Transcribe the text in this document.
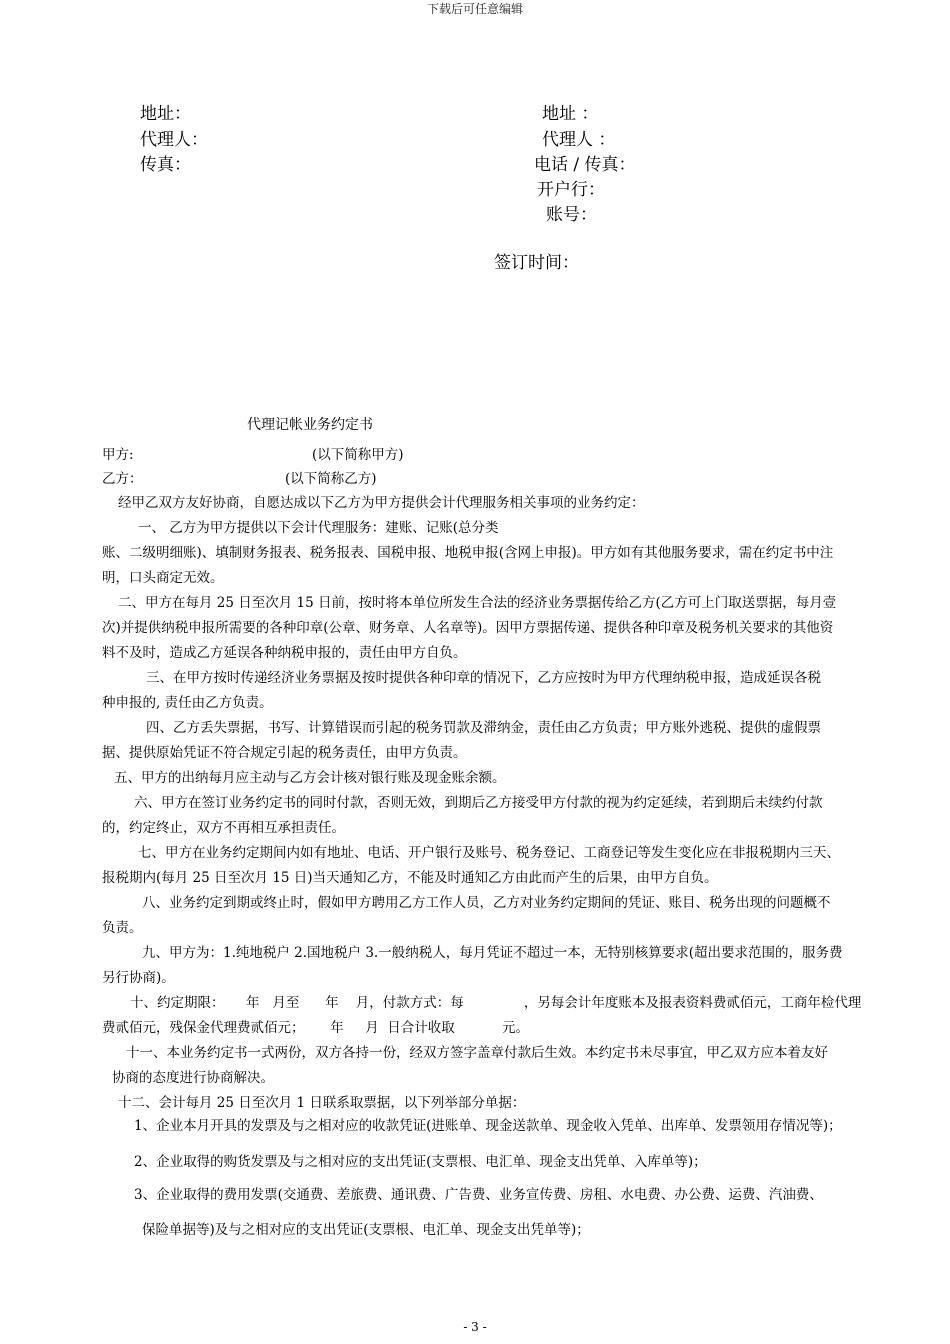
下载后可任意编辑
地址：
代理人：
传真：
地址 ：
代理人 ：
电话 / 传真：
开户行：
账号：
签订时间：
代理记帐业务约定书
甲方:	(以下简称甲方)
乙方：	(以下简称乙方)
经甲乙双方友好协商，自愿达成以下乙方为甲方提供会计代理服务相关事项的业务约定：
一、 乙方为甲方提供以下会计代理服务：建账、记账(总分类
账、二级明细账)、填制财务报表、税务报表、国税申报、地税申报(含网上申报)。甲方如有其他服务要求，需在约定书中注
明，口头商定无效。
二、甲方在每月 25 日至次月 15 日前，按时将本单位所发生合法的经济业务票据传给乙方(乙方可上门取送票据，每月壹
次)并提供纳税申报所需要的各种印章(公章、财务章、人名章等)。因甲方票据传递、提供各种印章及税务机关要求的其他资
料不及时，造成乙方延误各种纳税申报的，责任由甲方自负。
三、在甲方按时传递经济业务票据及按时提供各种印章的情况下，乙方应按时为甲方代理纳税申报，造成延误各税
种申报的, 责任由乙方负责。
四、乙方丢失票据，书写、计算错误而引起的税务罚款及滞纳金，责任由乙方负责；甲方账外逃税、提供的虚假票
据、提供原始凭证不符合规定引起的税务责任，由甲方负责。
五、甲方的出纳每月应主动与乙方会计核对银行账及现金账余额。
六、甲方在签订业务约定书的同时付款，否则无效，到期后乙方接受甲方付款的视为约定延续，若到期后未续约付款
的，约定终止，双方不再相互承担责任。
七、甲方在业务约定期间内如有地址、电话、开户银行及账号、税务登记、工商登记等发生变化应在非报税期内三天、
报税期内(每月 25 日至次月 15 日)当天通知乙方，不能及时通知乙方由此而产生的后果，由甲方自负。
八、业务约定到期或终止时，假如甲方聘用乙方工作人员，乙方对业务约定期间的凭证、账目、税务出现的问题概不
负责。
九、甲方为：1.纯地税户 2.国地税户 3.一般纳税人，每月凭证不超过一本，无特别核算要求(超出要求范围的，服务费
另行协商)。
十、约定期限：     年   月至      年    月，付款方式：每              ，另每会计年度账本及报表资料费贰佰元，工商年检代理
费贰佰元，残保金代理费贰佰元；      年     月  日合计收取           元。
十一、本业务约定书一式两份，双方各持一份，经双方签字盖章付款后生效。本约定书未尽事宜，甲乙双方应本着友好
协商的态度进行协商解决。
十二、会计每月 25 日至次月 1 日联系取票据，以下列举部分单据：
1、企业本月开具的发票及与之相对应的收款凭证(进账单、现金送款单、现金收入凭单、出库单、发票领用存情况等)；
2、企业取得的购货发票及与之相对应的支出凭证(支票根、电汇单、现金支出凭单、入库单等)；
3、企业取得的费用发票(交通费、差旅费、通讯费、广告费、业务宣传费、房租、水电费、办公费、运费、汽油费、
保险单据等)及与之相对应的支出凭证(支票根、电汇单、现金支出凭单等)；
- 3 -
